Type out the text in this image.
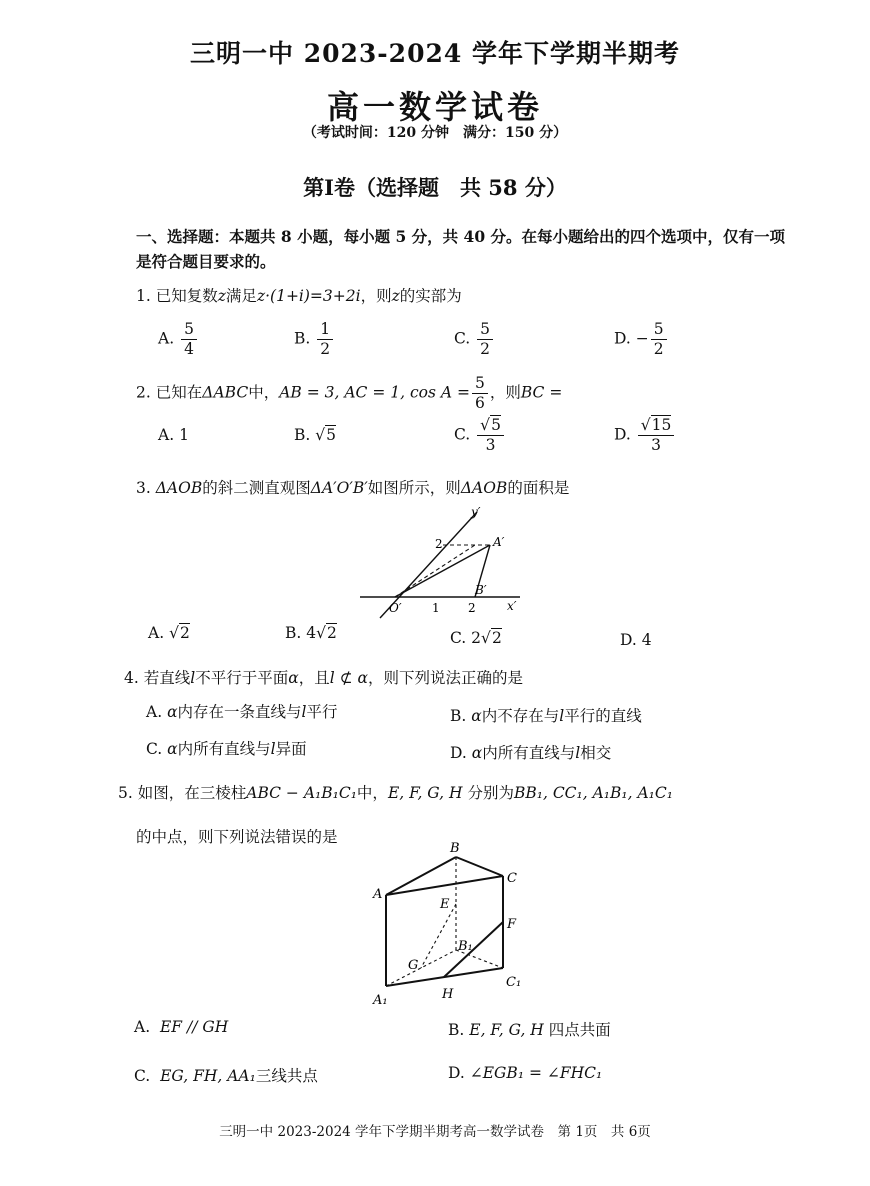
三明一中 2023-2024 学年下学期半期考
高一数学试卷
（考试时间：120 分钟　满分：150 分）
第I卷（选择题　共 58 分）
一、选择题：本题共 8 小题，每小题 5 分，共 40 分。在每小题给出的四个选项中，仅有一项是符合题目要求的。
1. 已知复数z满足z·(1+i)=3+2i，则z的实部为
A. $\frac{5}{4}$	B. $\frac{1}{2}$	C. $\frac{5}{2}$	D. − $\frac{5}{2}$
2. 已知在ΔABC中，AB = 3, AC = 1, $\cos A = \frac{5}{6}$ ，则BC =
A. 1	B. √5	C. $\frac{√5}{3}$	D. $\frac{√15}{3}$
3. ΔAOB的斜二测直观图ΔA′O′B′如图所示，则ΔAOB的面积是
y′
x′
O′
A′
B′
2
1 2
A. √2	B. 4√2	C. 2√2	D. 4
4. 若直线l不平行于平面α，且l ⊄ α，则下列说法正确的是
A. α内存在一条直线与l平行	B. α内不存在与l平行的直线
C. α内所有直线与l异面	D. α内所有直线与l相交
5. 如图，在三棱柱ABC − A₁B₁C₁中，E, F, G, H 分别为BB₁, CC₁, A₁B₁, A₁C₁
的中点，则下列说法错误的是
B
C
A
E
F
B₁
G
C₁
H
A₁
A. EF // GH	B. E, F, G, H 四点共面
C. EG, FH, AA₁三线共点	D. ∠EGB₁ = ∠FHC₁
三明一中 2023-2024 学年下学期半期考高一数学试卷　第 1页　共 6页
